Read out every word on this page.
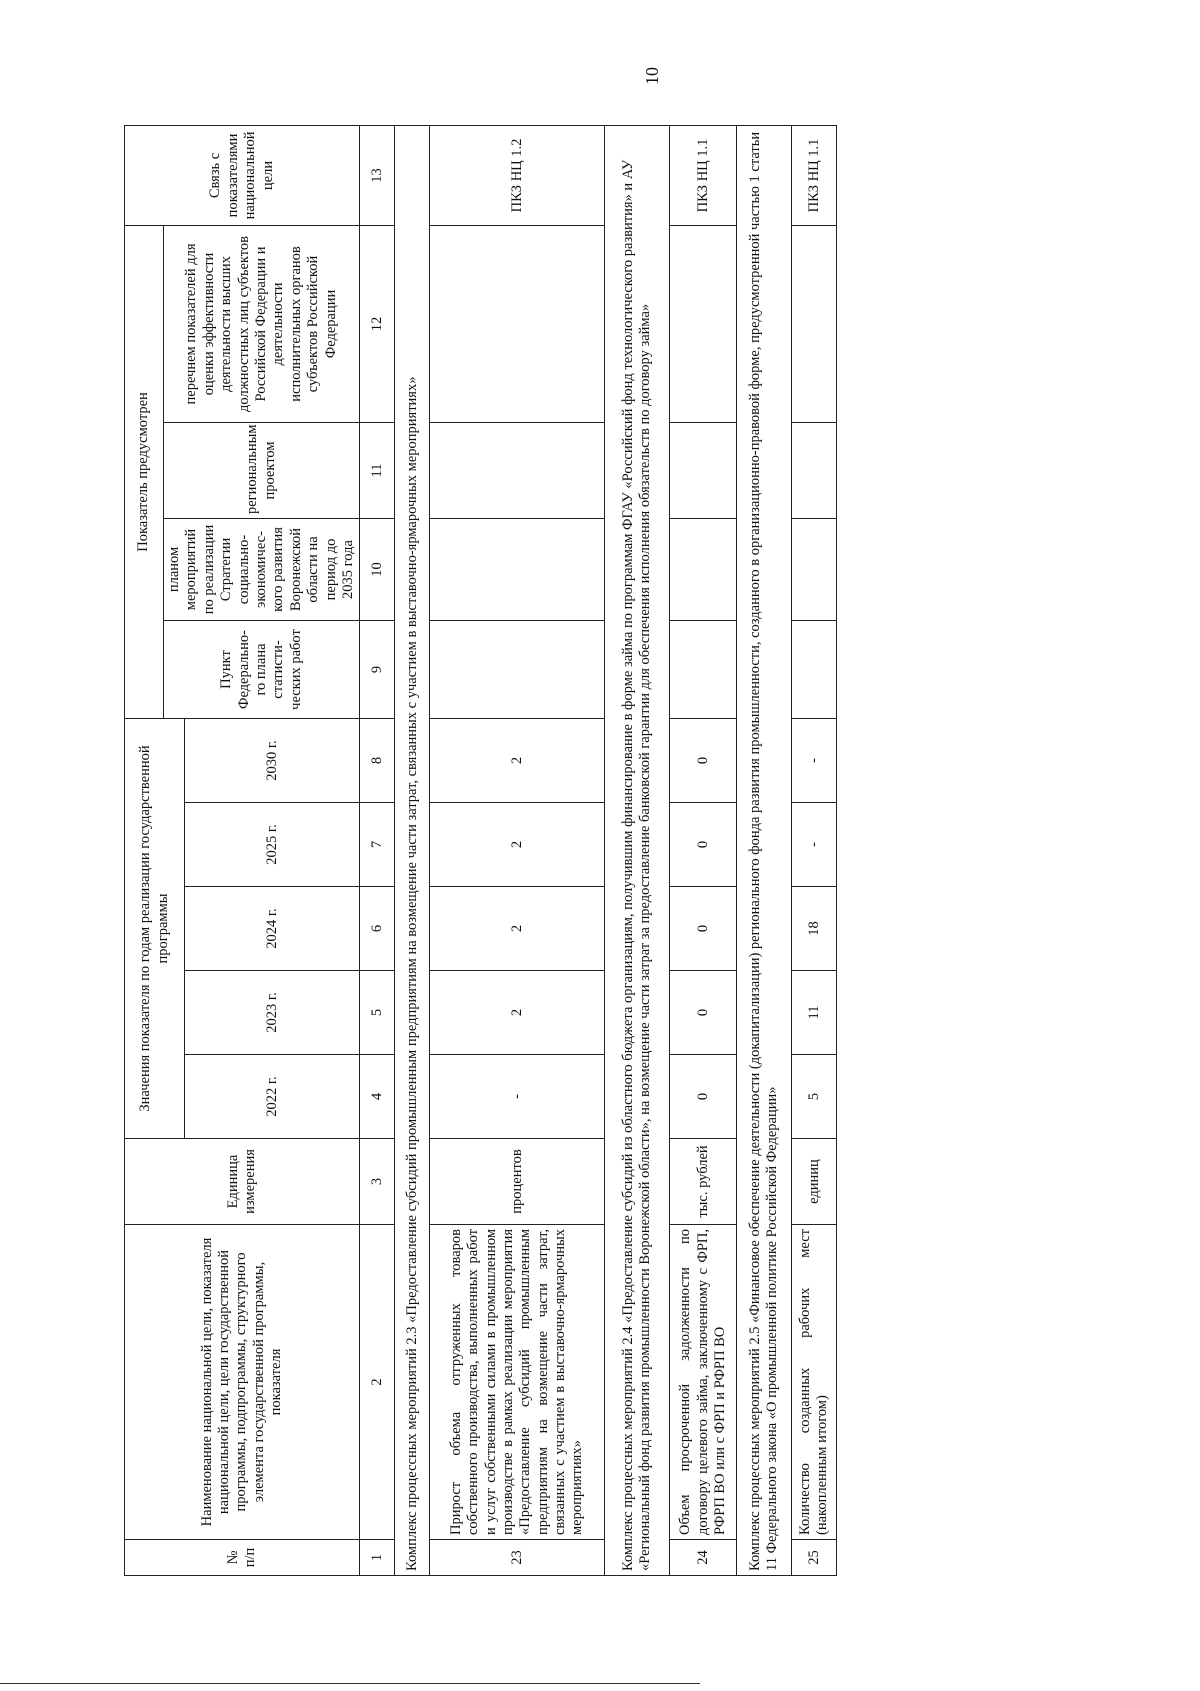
10
№ п/п	Наименование национальной цели, показателя национальной цели, цели государственной программы, подпрограммы, структурного элемента государственной программы, показателя	Единица измерения	Значения показателя по годам реализации государственной программы					Показатель предусмотрен				Связь с показателями национальной цели
								Пункт Федерально-го плана статисти-ческих работ	планом мероприятий по реализации Стратегии социально-экономичес-кого развития Воронежской области на период до 2035 года	региональным проектом	перечнем показателей для оценки эффективности деятельности высших должностных лиц субъектов Российской Федерации и деятельности исполнительных органов субъектов Российской Федерации	
			2022 г.	2023 г.	2024 г.	2025 г.	2030 г.					
1	2	3	4	5	6	7	8	9	10	11	12	13
Комплекс процессных мероприятий 2.3 «Предоставление субсидий промышленным предприятиям на возмещение части затрат, связанных с участием в выставочно-ярмарочных мероприятиях»												
23	Прирост объема отгруженных товаров собственного производства, выполненных работ и услуг собственными силами в промышленном производстве в рамках реализации мероприятия «Предоставление субсидий промышленным предприятиям на возмещение части затрат, связанных с участием в выставочно-ярмарочных мероприятиях»	процентов	-	2	2	2	2					ПКЗ НЦ 1.2
Комплекс процессных мероприятий 2.4 «Предоставление субсидий из областного бюджета организациям, получившим финансирование в форме займа по программам ФГАУ «Российский фонд технологического развития» и АУ «Региональный фонд развития промышленности Воронежской области», на возмещение части затрат за предоставление банковской гарантии для обеспечения исполнения обязательств по договору займа»												
24	Объем просроченной задолженности по договору целевого займа, заключенному с ФРП, РФРП ВО или с ФРП и РФРП ВО	тыс. рублей	0	0	0	0	0					ПКЗ НЦ 1.1
Комплекс процессных мероприятий 2.5 «Финансовое обеспечение деятельности (докапитализации) регионального фонда развития промышленности, созданного в организационно-правовой форме, предусмотренной частью 1 статьи 11 Федерального закона «О промышленной политике Российской Федерации»												
25	Количество созданных рабочих мест (накопленным итогом)	единиц	5	11	18	-	-					ПКЗ НЦ 1.1
